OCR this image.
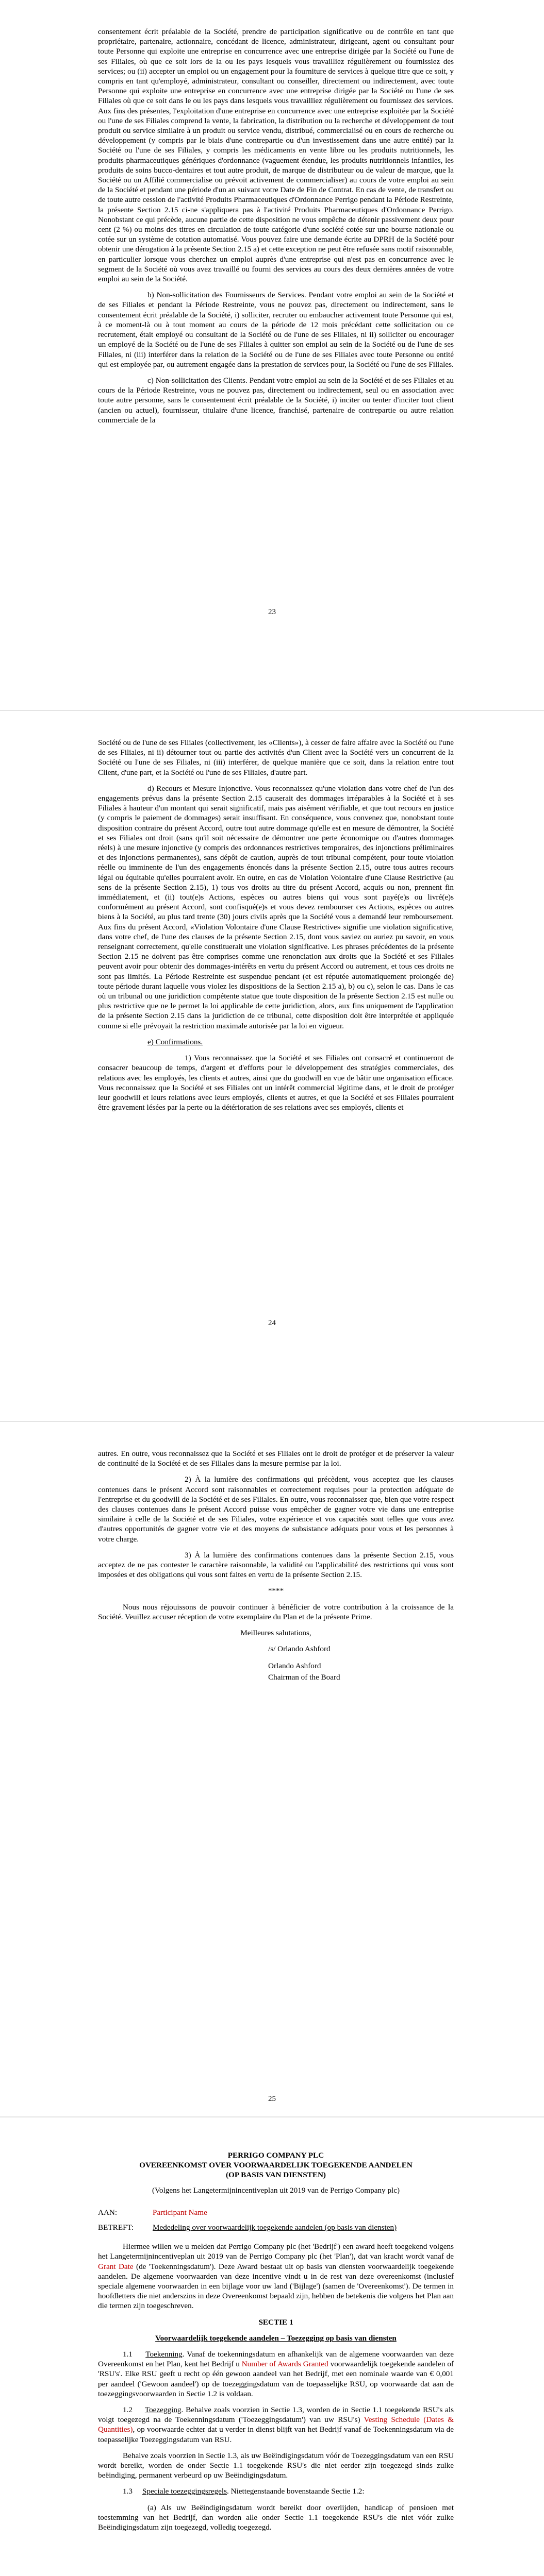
consentement écrit préalable de la Société, prendre de participation significative ou de contrôle en tant que propriétaire, partenaire, actionnaire, concédant de licence, administrateur, dirigeant, agent ou consultant pour toute Personne qui exploite une entreprise en concurrence avec une entreprise dirigée par la Société ou l'une de ses Filiales, où que ce soit lors de la ou les pays lesquels vous travailliez régulièrement ou fournissiez des services; ou (ii) accepter un emploi ou un engagement pour la fourniture de services à quelque titre que ce soit, y compris en tant qu'employé, administrateur, consultant ou conseiller, directement ou indirectement, avec toute Personne qui exploite une entreprise en concurrence avec une entreprise dirigée par la Société ou l'une de ses Filiales où que ce soit dans le ou les pays dans lesquels vous travailliez régulièrement ou fournissez des services. Aux fins des présentes, l'exploitation d'une entreprise en concurrence avec une entreprise exploitée par la Société ou l'une de ses Filiales comprend la vente, la fabrication, la distribution ou la recherche et développement de tout produit ou service similaire à un produit ou service vendu, distribué, commercialisé ou en cours de recherche ou développement (y compris par le biais d'une contrepartie ou d'un investissement dans une autre entité) par la Société ou l'une de ses Filiales, y compris les médicaments en vente libre ou les produits nutritionnels, les produits pharmaceutiques génériques d'ordonnance (vaguement étendue, les produits nutritionnels infantiles, les produits de soins bucco-dentaires et tout autre produit, de marque de distributeur ou de valeur de marque, que la Société ou un Affilié commercialise ou prévoit activement de commercialiser) au cours de votre emploi au sein de la Société et pendant une période d'un an suivant votre Date de Fin de Contrat. En cas de vente, de transfert ou de toute autre cession de l'activité Produits Pharmaceutiques d'Ordonnance Perrigo pendant la Période Restreinte, la présente Section 2.15 ci-ne s'appliquera pas à l'activité Produits Pharmaceutiques d'Ordonnance Perrigo. Nonobstant ce qui précède, aucune partie de cette disposition ne vous empêche de détenir passivement deux pour cent (2 %) ou moins des titres en circulation de toute catégorie d'une société cotée sur une bourse nationale ou cotée sur un système de cotation automatisé. Vous pouvez faire une demande écrite au DPRH de la Société pour obtenir une dérogation à la présente Section 2.15 a) et cette exception ne peut être refusée sans motif raisonnable, en particulier lorsque vous cherchez un emploi auprès d'une entreprise qui n'est pas en concurrence avec le segment de la Société où vous avez travaillé ou fourni des services au cours des deux dernières années de votre emploi au sein de la Société.

b) Non-sollicitation des Fournisseurs de Services. Pendant votre emploi au sein de la Société et de ses Filiales et pendant la Période Restreinte, vous ne pouvez pas, directement ou indirectement, sans le consentement écrit préalable de la Société, i) solliciter, recruter ou embaucher activement toute Personne qui est, à ce moment-là ou à tout moment au cours de la période de 12 mois précédant cette sollicitation ou ce recrutement, était employé ou consultant de la Société ou de l'une de ses Filiales, ni ii) solliciter ou encourager un employé de la Société ou de l'une de ses Filiales à quitter son emploi au sein de la Société ou de l'une de ses Filiales, ni (iii) interférer dans la relation de la Société ou de l'une de ses Filiales avec toute Personne ou entité qui est employée par, ou autrement engagée dans la prestation de services pour, la Société ou l'une de ses Filiales.

c) Non-sollicitation des Clients. Pendant votre emploi au sein de la Société et de ses Filiales et au cours de la Période Restreinte, vous ne pouvez pas, directement ou indirectement, seul ou en association avec toute autre personne, sans le consentement écrit préalable de la Société, i) inciter ou tenter d'inciter tout client (ancien ou actuel), fournisseur, titulaire d'une licence, franchisé, partenaire de contrepartie ou autre relation commerciale de la

23

Société ou de l'une de ses Filiales (collectivement, les «Clients»), à cesser de faire affaire avec la Société ou l'une de ses Filiales, ni ii) détourner tout ou partie des activités d'un Client avec la Société vers un concurrent de la Société ou l'une de ses Filiales, ni (iii) interférer, de quelque manière que ce soit, dans la relation entre tout Client, d'une part, et la Société ou l'une de ses Filiales, d'autre part.

d) Recours et Mesure Injonctive. Vous reconnaissez qu'une violation dans votre chef de l'un des engagements prévus dans la présente Section 2.15 causerait des dommages irréparables à la Société et à ses Filiales à hauteur d'un montant qui serait significatif, mais pas aisément vérifiable, et que tout recours en justice (y compris le paiement de dommages) serait insuffisant. En conséquence, vous convenez que, nonobstant toute disposition contraire du présent Accord, outre tout autre dommage qu'elle est en mesure de démontrer, la Société et ses Filiales ont droit (sans qu'il soit nécessaire de démontrer une perte économique ou d'autres dommages réels) à une mesure injonctive (y compris des ordonnances restrictives temporaires, des injonctions préliminaires et des injonctions permanentes), sans dépôt de caution, auprès de tout tribunal compétent, pour toute violation réelle ou imminente de l'un des engagements énoncés dans la présente Section 2.15, outre tous autres recours légal ou équitable qu'elles pourraient avoir. En outre, en cas de Violation Volontaire d'une Clause Restrictive (au sens de la présente Section 2.15), 1) tous vos droits au titre du présent Accord, acquis ou non, prennent fin immédiatement, et (ii) tout(e)s Actions, espèces ou autres biens qui vous sont payé(e)s ou livré(e)s conformément au présent Accord, sont confisqué(e)s et vous devez rembourser ces Actions, espèces ou autres biens à la Société, au plus tard trente (30) jours civils après que la Société vous a demandé leur remboursement. Aux fins du présent Accord, «Violation Volontaire d'une Clause Restrictive» signifie une violation significative, dans votre chef, de l'une des clauses de la présente Section 2.15, dont vous saviez ou auriez pu savoir, en vous renseignant correctement, qu'elle constituerait une violation significative. Les phrases précédentes de la présente Section 2.15 ne doivent pas être comprises comme une renonciation aux droits que la Société et ses Filiales peuvent avoir pour obtenir des dommages-intérêts en vertu du présent Accord ou autrement, et tous ces droits ne sont pas limités. La Période Restreinte est suspendue pendant (et est réputée automatiquement prolongée de) toute période durant laquelle vous violez les dispositions de la Section 2.15 a), b) ou c), selon le cas. Dans le cas où un tribunal ou une juridiction compétente statue que toute disposition de la présente Section 2.15 est nulle ou plus restrictive que ne le permet la loi applicable de cette juridiction, alors, aux fins uniquement de l'application de la présente Section 2.15 dans la juridiction de ce tribunal, cette disposition doit être interprétée et appliquée comme si elle prévoyait la restriction maximale autorisée par la loi en vigueur.

e) Confirmations.

1) Vous reconnaissez que la Société et ses Filiales ont consacré et continueront de consacrer beaucoup de temps, d'argent et d'efforts pour le développement des stratégies commerciales, des relations avec les employés, les clients et autres, ainsi que du goodwill en vue de bâtir une organisation efficace. Vous reconnaissez que la Société et ses Filiales ont un intérêt commercial légitime dans, et le droit de protéger leur goodwill et leurs relations avec leurs employés, clients et autres, et que la Société et ses Filiales pourraient être gravement lésées par la perte ou la détérioration de ses relations avec ses employés, clients et

24

autres. En outre, vous reconnaissez que la Société et ses Filiales ont le droit de protéger et de préserver la valeur de continuité de la Société et de ses Filiales dans la mesure permise par la loi.

2) À la lumière des confirmations qui précèdent, vous acceptez que les clauses contenues dans le présent Accord sont raisonnables et correctement requises pour la protection adéquate de l'entreprise et du goodwill de la Société et de ses Filiales. En outre, vous reconnaissez que, bien que votre respect des clauses contenues dans le présent Accord puisse vous empêcher de gagner votre vie dans une entreprise similaire à celle de la Société et de ses Filiales, votre expérience et vos capacités sont telles que vous avez d'autres opportunités de gagner votre vie et des moyens de subsistance adéquats pour vous et les personnes à votre charge.

3) À la lumière des confirmations contenues dans la présente Section 2.15, vous acceptez de ne pas contester le caractère raisonnable, la validité ou l'applicabilité des restrictions qui vous sont imposées et des obligations qui vous sont faites en vertu de la présente Section 2.15.

****

Nous nous réjouissons de pouvoir continuer à bénéficier de votre contribution à la croissance de la Société. Veuillez accuser réception de votre exemplaire du Plan et de la présente Prime.

Meilleures salutations,

/s/ Orlando Ashford

Orlando Ashford

Chairman of the Board

25

PERRIGO COMPANY PLC

OVEREENKOMST OVER VOORWAARDELIJK TOEGEKENDE AANDELEN

(OP BASIS VAN DIENSTEN)

(Volgens het Langetermijnincentiveplan uit 2019 van de Perrigo Company plc)

AAN:	Participant Name
BETREFT:	Mededeling over voorwaardelijk toegekende aandelen (op basis van diensten)

Hiermee willen we u melden dat Perrigo Company plc (het 'Bedrijf') een award heeft toegekend volgens het Langetermijnincentiveplan uit 2019 van de Perrigo Company plc (het 'Plan'), dat van kracht wordt vanaf de Grant Date (de 'Toekenningsdatum'). Deze Award bestaat uit op basis van diensten voorwaardelijk toegekende aandelen. De algemene voorwaarden van deze incentive vindt u in de rest van deze overeenkomst (inclusief speciale algemene voorwaarden in een bijlage voor uw land ('Bijlage') (samen de 'Overeenkomst'). De termen in hoofdletters die niet anderszins in deze Overeenkomst bepaald zijn, hebben de betekenis die volgens het Plan aan die termen zijn toegeschreven.

SECTIE 1

Voorwaardelijk toegekende aandelen – Toezegging op basis van diensten

1.1 Toekenning. Vanaf de toekenningsdatum en afhankelijk van de algemene voorwaarden van deze Overeenkomst en het Plan, kent het Bedrijf u Number of Awards Granted voorwaardelijk toegekende aandelen of 'RSU's'. Elke RSU geeft u recht op één gewoon aandeel van het Bedrijf, met een nominale waarde van € 0,001 per aandeel ('Gewoon aandeel') op de toezeggingsdatum van de toepasselijke RSU, op voorwaarde dat aan de toezeggingsvoorwaarden in Sectie 1.2 is voldaan.

1.2 Toezegging. Behalve zoals voorzien in Sectie 1.3, worden de in Sectie 1.1 toegekende RSU's als volgt toegezegd na de Toekenningsdatum ('Toezeggingsdatum') van uw RSU's) Vesting Schedule (Dates & Quantities), op voorwaarde echter dat u verder in dienst blijft van het Bedrijf vanaf de Toekenningsdatum via de toepasselijke Toezeggingsdatum van RSU.

Behalve zoals voorzien in Sectie 1.3, als uw Beëindigingsdatum vóór de Toezeggingsdatum van een RSU wordt bereikt, worden de onder Sectie 1.1 toegekende RSU's die niet eerder zijn toegezegd sinds zulke beëindiging, permanent verbeurd op uw Beëindigingsdatum.

1.3 Speciale toezeggingsregels. Niettegenstaande bovenstaande Sectie 1.2:

(a) Als uw Beëindigingsdatum wordt bereikt door overlijden, handicap of pensioen met toestemming van het Bedrijf, dan worden alle onder Sectie 1.1 toegekende RSU's die niet vóór zulke Beëindigingsdatum zijn toegezegd, volledig toegezegd.
